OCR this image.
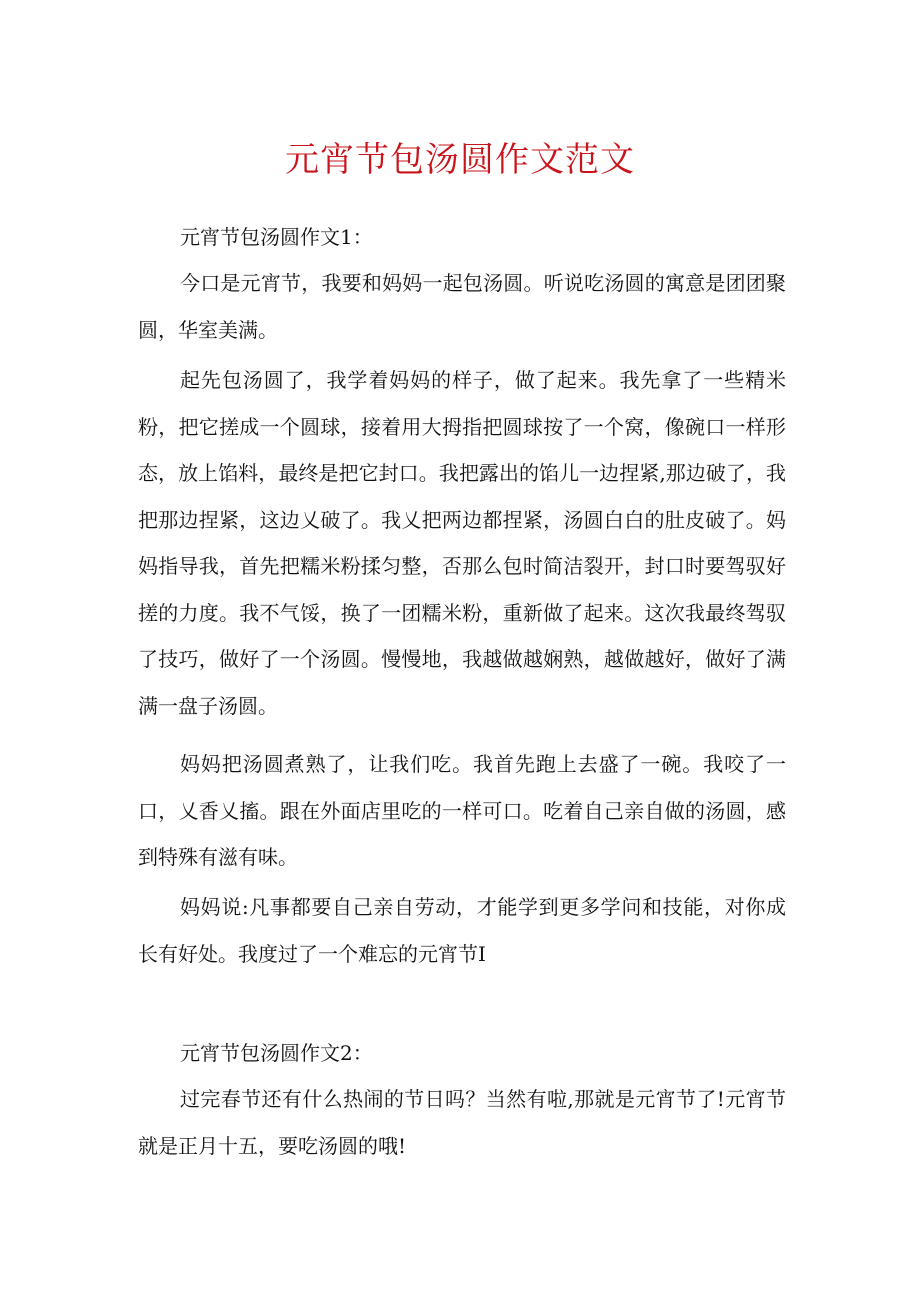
元宵节包汤圆作文范文

元宵节包汤圆作文1：

今口是元宵节，我要和妈妈一起包汤圆。听说吃汤圆的寓意是团团聚圆，华室美满。

起先包汤圆了，我学着妈妈的样子，做了起来。我先拿了一些精米粉，把它搓成一个圆球，接着用大拇指把圆球按了一个窝，像碗口一样形态，放上馅料，最终是把它封口。我把露出的馅儿一边捏紧,那边破了，我把那边捏紧，这边乂破了。我乂把两边都捏紧，汤圆白白的肚皮破了。妈妈指导我，首先把糯米粉揉匀整，否那么包时简洁裂开，封口时要驾驭好搓的力度。我不气馁，换了一团糯米粉，重新做了起来。这次我最终驾驭了技巧，做好了一个汤圆。慢慢地，我越做越娴熟，越做越好，做好了满满一盘子汤圆。

妈妈把汤圆煮熟了，让我们吃。我首先跑上去盛了一碗。我咬了一口，乂香乂搐。跟在外面店里吃的一样可口。吃着自己亲自做的汤圆，感到特殊有滋有味。

妈妈说:凡事都要自己亲自劳动，才能学到更多学问和技能，对你成长有好处。我度过了一个难忘的元宵节I

元宵节包汤圆作文2：

过完春节还有什么热闹的节日吗？当然有啦,那就是元宵节了!元宵节就是正月十五，要吃汤圆的哦!
